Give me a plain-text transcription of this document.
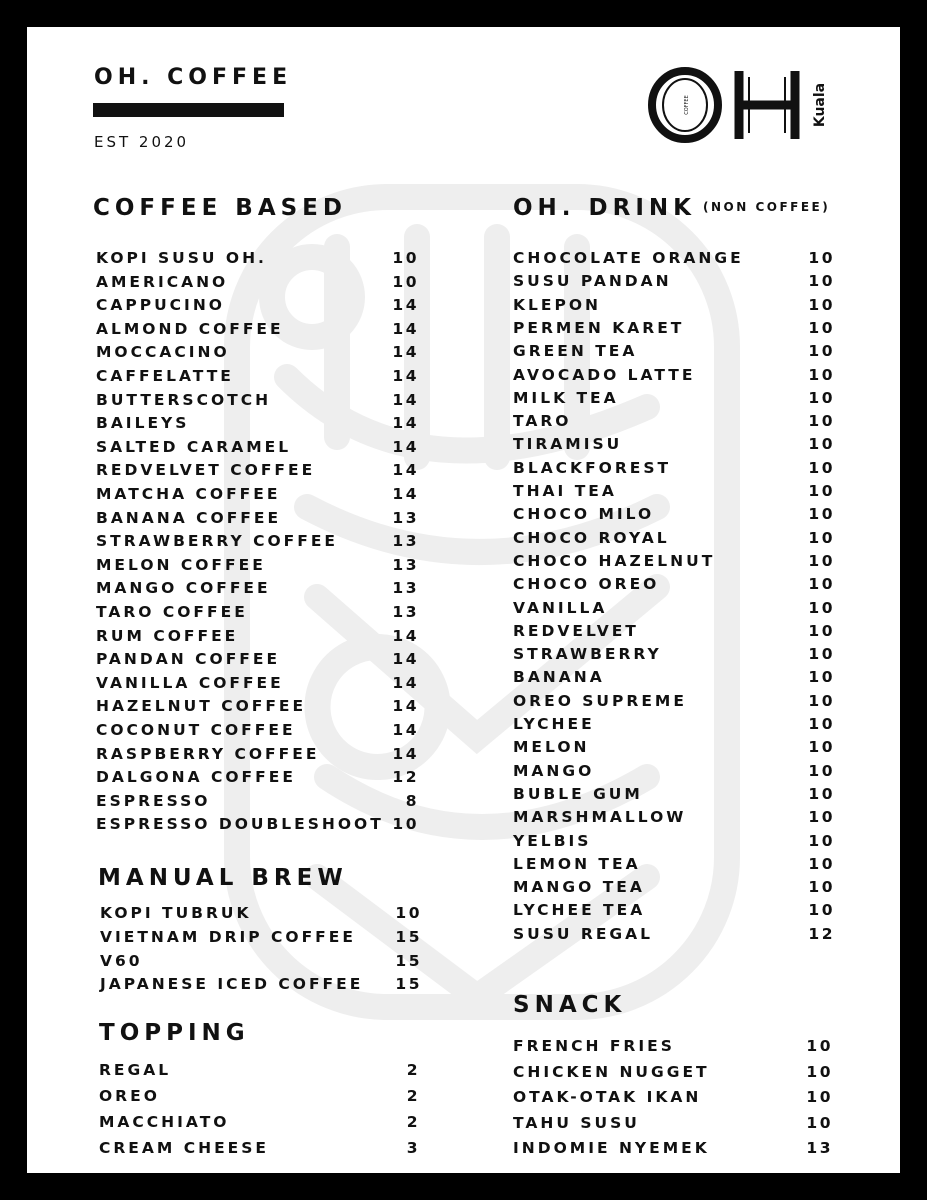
OH. COFFEE
EST 2020
COFFEE	Kuala
COFFEE BASED	OH. DRINK (NON COFFEE)
MANUAL BREW
TOPPING
SNACK
KOPI SUSU OH.	10
AMERICANO	10
CAPPUCINO	14
ALMOND COFFEE	14
MOCCACINO	14
CAFFELATTE	14
BUTTERSCOTCH	14
BAILEYS	14
SALTED CARAMEL	14
REDVELVET COFFEE	14
MATCHA COFFEE	14
BANANA COFFEE	13
STRAWBERRY COFFEE	13
MELON COFFEE	13
MANGO COFFEE	13
TARO COFFEE	13
RUM COFFEE	14
PANDAN COFFEE	14
VANILLA COFFEE	14
HAZELNUT COFFEE	14
COCONUT COFFEE	14
RASPBERRY COFFEE	14
DALGONA COFFEE	12
ESPRESSO	8
ESPRESSO DOUBLESHOOT 10
KOPI TUBRUK	10
VIETNAM DRIP COFFEE	15
V60	15
JAPANESE ICED COFFEE 15
REGAL	2
OREO	2
MACCHIATO	2
CREAM CHEESE	3
CHOCOLATE ORANGE	10
SUSU PANDAN	10
KLEPON	10
PERMEN KARET	10
GREEN TEA	10
AVOCADO LATTE	10
MILK TEA	10
TARO	10
TIRAMISU	10
BLACKFOREST	10
THAI TEA	10
CHOCO MILO	10
CHOCO ROYAL	10
CHOCO HAZELNUT	10
CHOCO OREO	10
VANILLA	10
REDVELVET	10
STRAWBERRY	10
BANANA	10
OREO SUPREME	10
LYCHEE	10
MELON	10
MANGO	10
BUBLE GUM	10
MARSHMALLOW	10
YELBIS	10
LEMON TEA	10
MANGO TEA	10
LYCHEE TEA	10
SUSU REGAL	12
FRENCH FRIES	10
CHICKEN NUGGET	10
OTAK-OTAK IKAN	10
TAHU SUSU	10
INDOMIE NYEMEK	13
